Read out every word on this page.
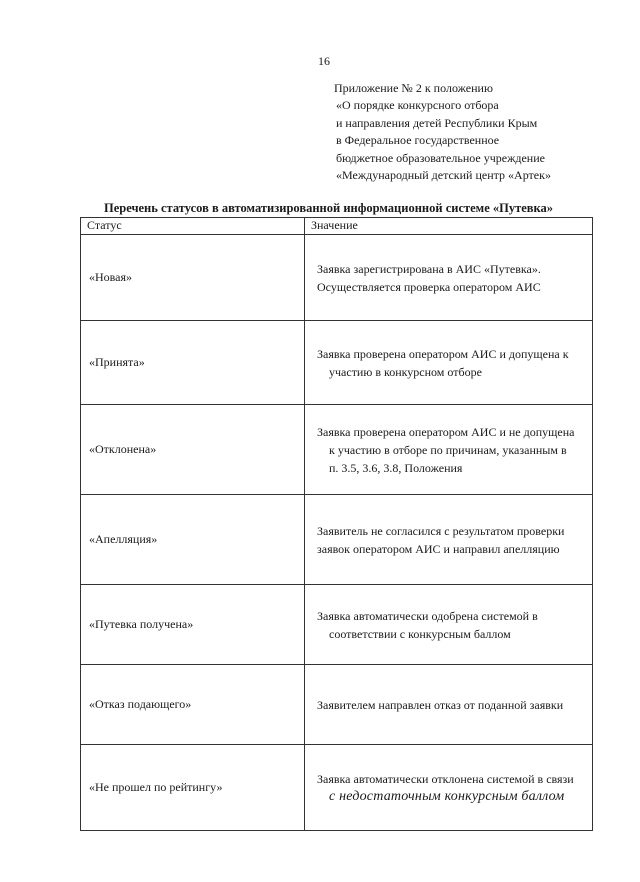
16
Приложение № 2 к положению
«О порядке конкурсного отбора
и направления детей Республики Крым
в Федеральное государственное
бюджетное образовательное учреждение
«Международный детский центр «Артек»
Перечень статусов в автоматизированной информационной системе «Путевка»
Статус	Значение
«Новая»	Заявка зарегистрирована в АИС «Путевка».
Осуществляется проверка оператором АИС

«Принята»	Заявка проверена оператором АИС и допущена к
участию в конкурсном отборе

«Отклонена»	Заявка проверена оператором АИС и не допущена
к участию в отборе по причинам, указанным в
п. 3.5, 3.6, 3.8, Положения

«Апелляция»	Заявитель не согласился с результатом проверки
заявок оператором АИС и направил апелляцию

«Путевка получена»	Заявка автоматически одобрена системой в
соответствии с конкурсным баллом

«Отказ подающего»	Заявителем направлен отказ от поданной заявки

«Не прошел по рейтингу»	Заявка автоматически отклонена системой в связи
с недостаточным конкурсным баллом
